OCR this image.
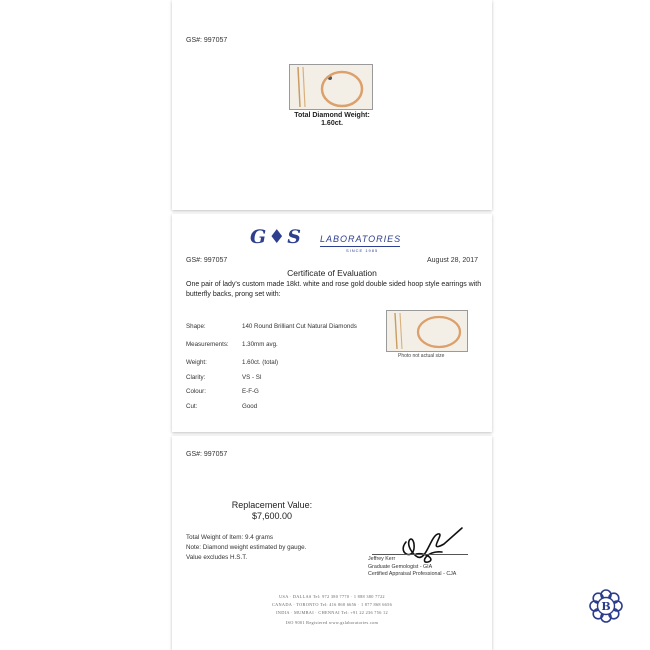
GS#: 997057
Total Diamond Weight:
1.60ct.
G♦S LABORATORIES
SINCE 1985
GS#: 997057	August 28, 2017
Certificate of Evaluation
One pair of lady's custom made 18kt. white and rose gold double sided hoop style earrings with butterfly backs, prong set with:
Shape:	140 Round Brilliant Cut Natural Diamonds
Measurements:	1.30mm avg.
Weight:	1.60ct. (total)
Clarity:	VS - SI
Colour:	E-F-G
Cut:	Good
Photo not actual size
GS#: 997057
Replacement Value:
$7,600.00
Total Weight of Item: 9.4 grams
Note: Diamond weight estimated by gauge.
Value excludes H.S.T.	Jeffrey Kerr
Graduate Gemologist - GIA
Certified Appraisal Professional - CJA
USA · DALLAS Tel: 972 380 7770 · 1 888 380 7722
CANADA · TORONTO Tel: 416 868 6656 · 1 877 868 6656
INDIA · MUMBAI · CHENNAI Tel: +91 22 236 756 12
ISO 9001 Registered www.gslaboratories.com
B
